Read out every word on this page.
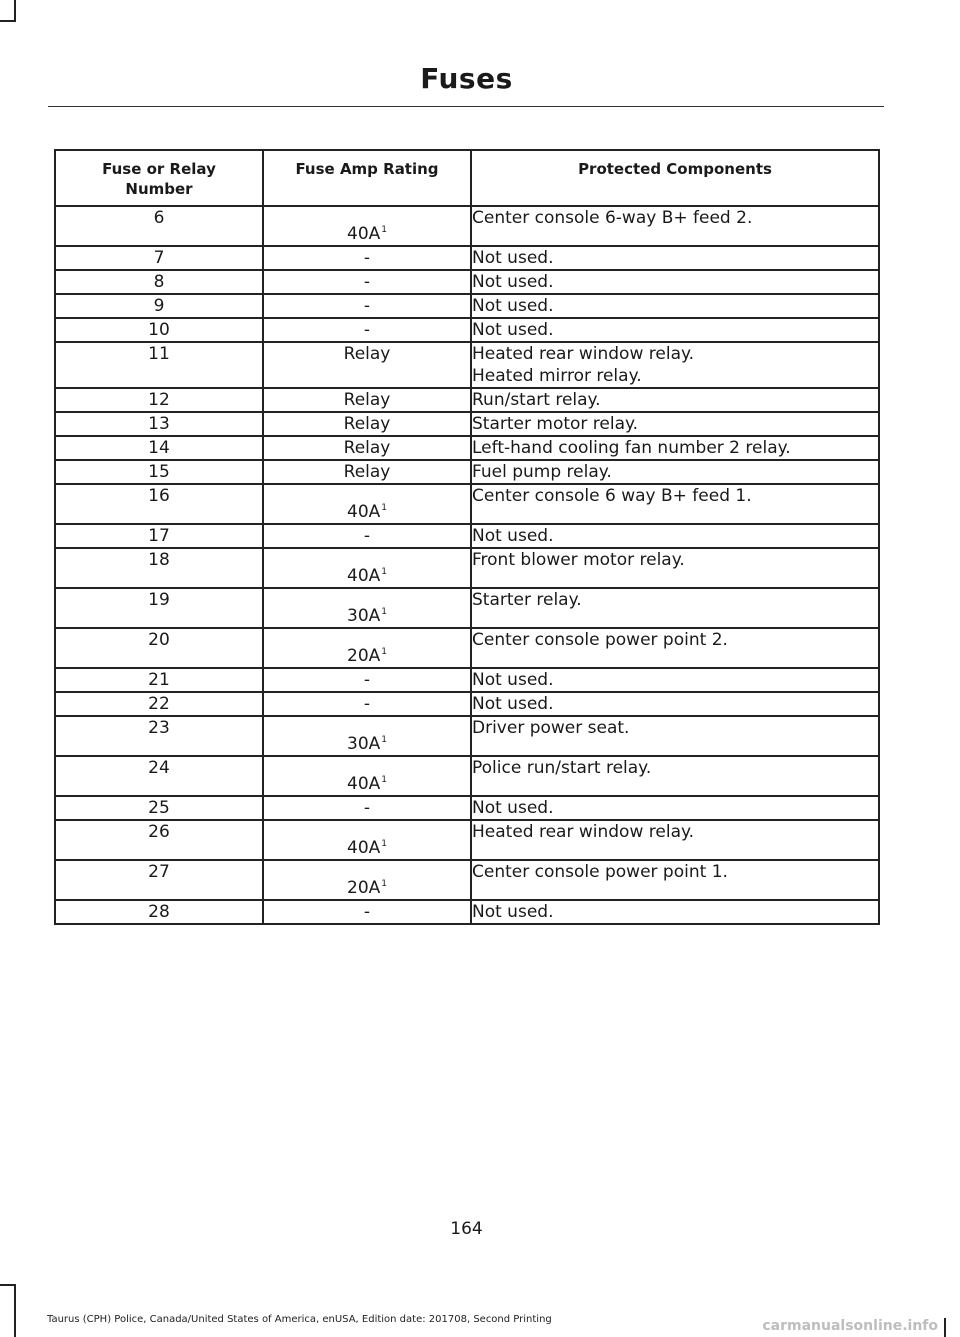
Fuses
Fuse or Relay Number	Fuse Amp Rating	Protected Components
6	$40A^1$	Center console 6-way B+ feed 2.

7	-	Not used.

8	-	Not used.

9	-	Not used.

10	-	Not used.

11	Relay	Heated rear window relay.
Heated mirror relay.

12	Relay	Run/start relay.

13	Relay	Starter motor relay.

14	Relay	Left-hand cooling fan number 2 relay.

15	Relay	Fuel pump relay.

16	$40A^1$	Center console 6 way B+ feed 1.

17	-	Not used.

18	$40A^1$	Front blower motor relay.

19	$30A^1$	Starter relay.

20	$20A^1$	Center console power point 2.

21	-	Not used.

22	-	Not used.

23	$30A^1$	Driver power seat.

24	$40A^1$	Police run/start relay.

25	-	Not used.

26	$40A^1$	Heated rear window relay.

27	$20A^1$	Center console power point 1.

28	-	Not used.
164
Taurus (CPH) Police, Canada/United States of America, enUSA, Edition date: 201708, Second Printing	carmanualsonline.info
